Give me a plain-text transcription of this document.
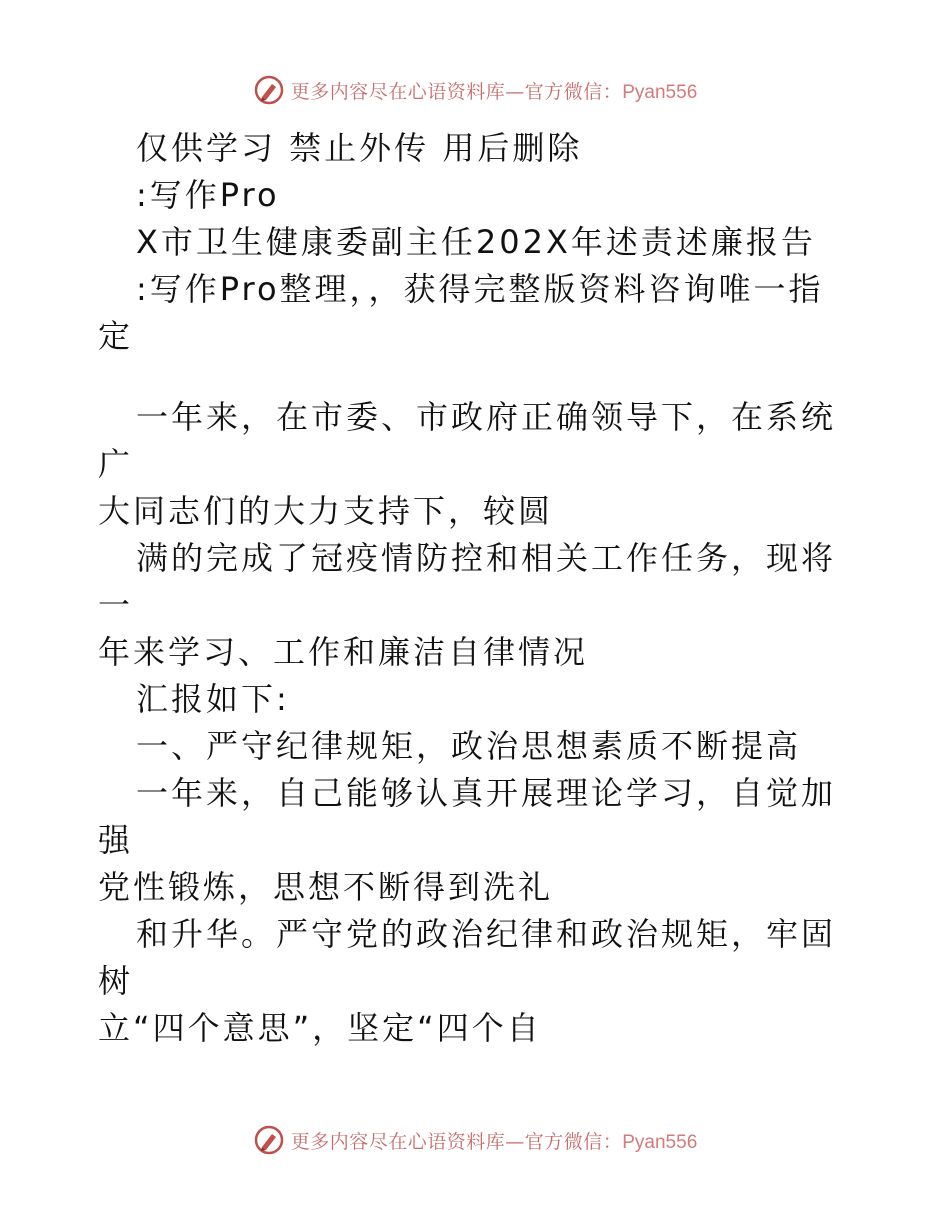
更多内容尽在心语资料库—官方微信：Pyan556

仅供学习 禁止外传 用后删除

:写作Pro

X市卫生健康委副主任202X年述责述廉报告

:写作Pro整理，，获得完整版资料咨询唯一指

定

一年来，在市委、市政府正确领导下，在系统广

大同志们的大力支持下，较圆

满的完成了冠疫情防控和相关工作任务，现将一

年来学习、工作和廉洁自律情况

汇报如下:

一、严守纪律规矩，政治思想素质不断提高

一年来，自己能够认真开展理论学习，自觉加强

党性锻炼，思想不断得到洗礼

和升华。严守党的政治纪律和政治规矩，牢固树

立“四个意思”，坚定“四个自

更多内容尽在心语资料库—官方微信：Pyan556
